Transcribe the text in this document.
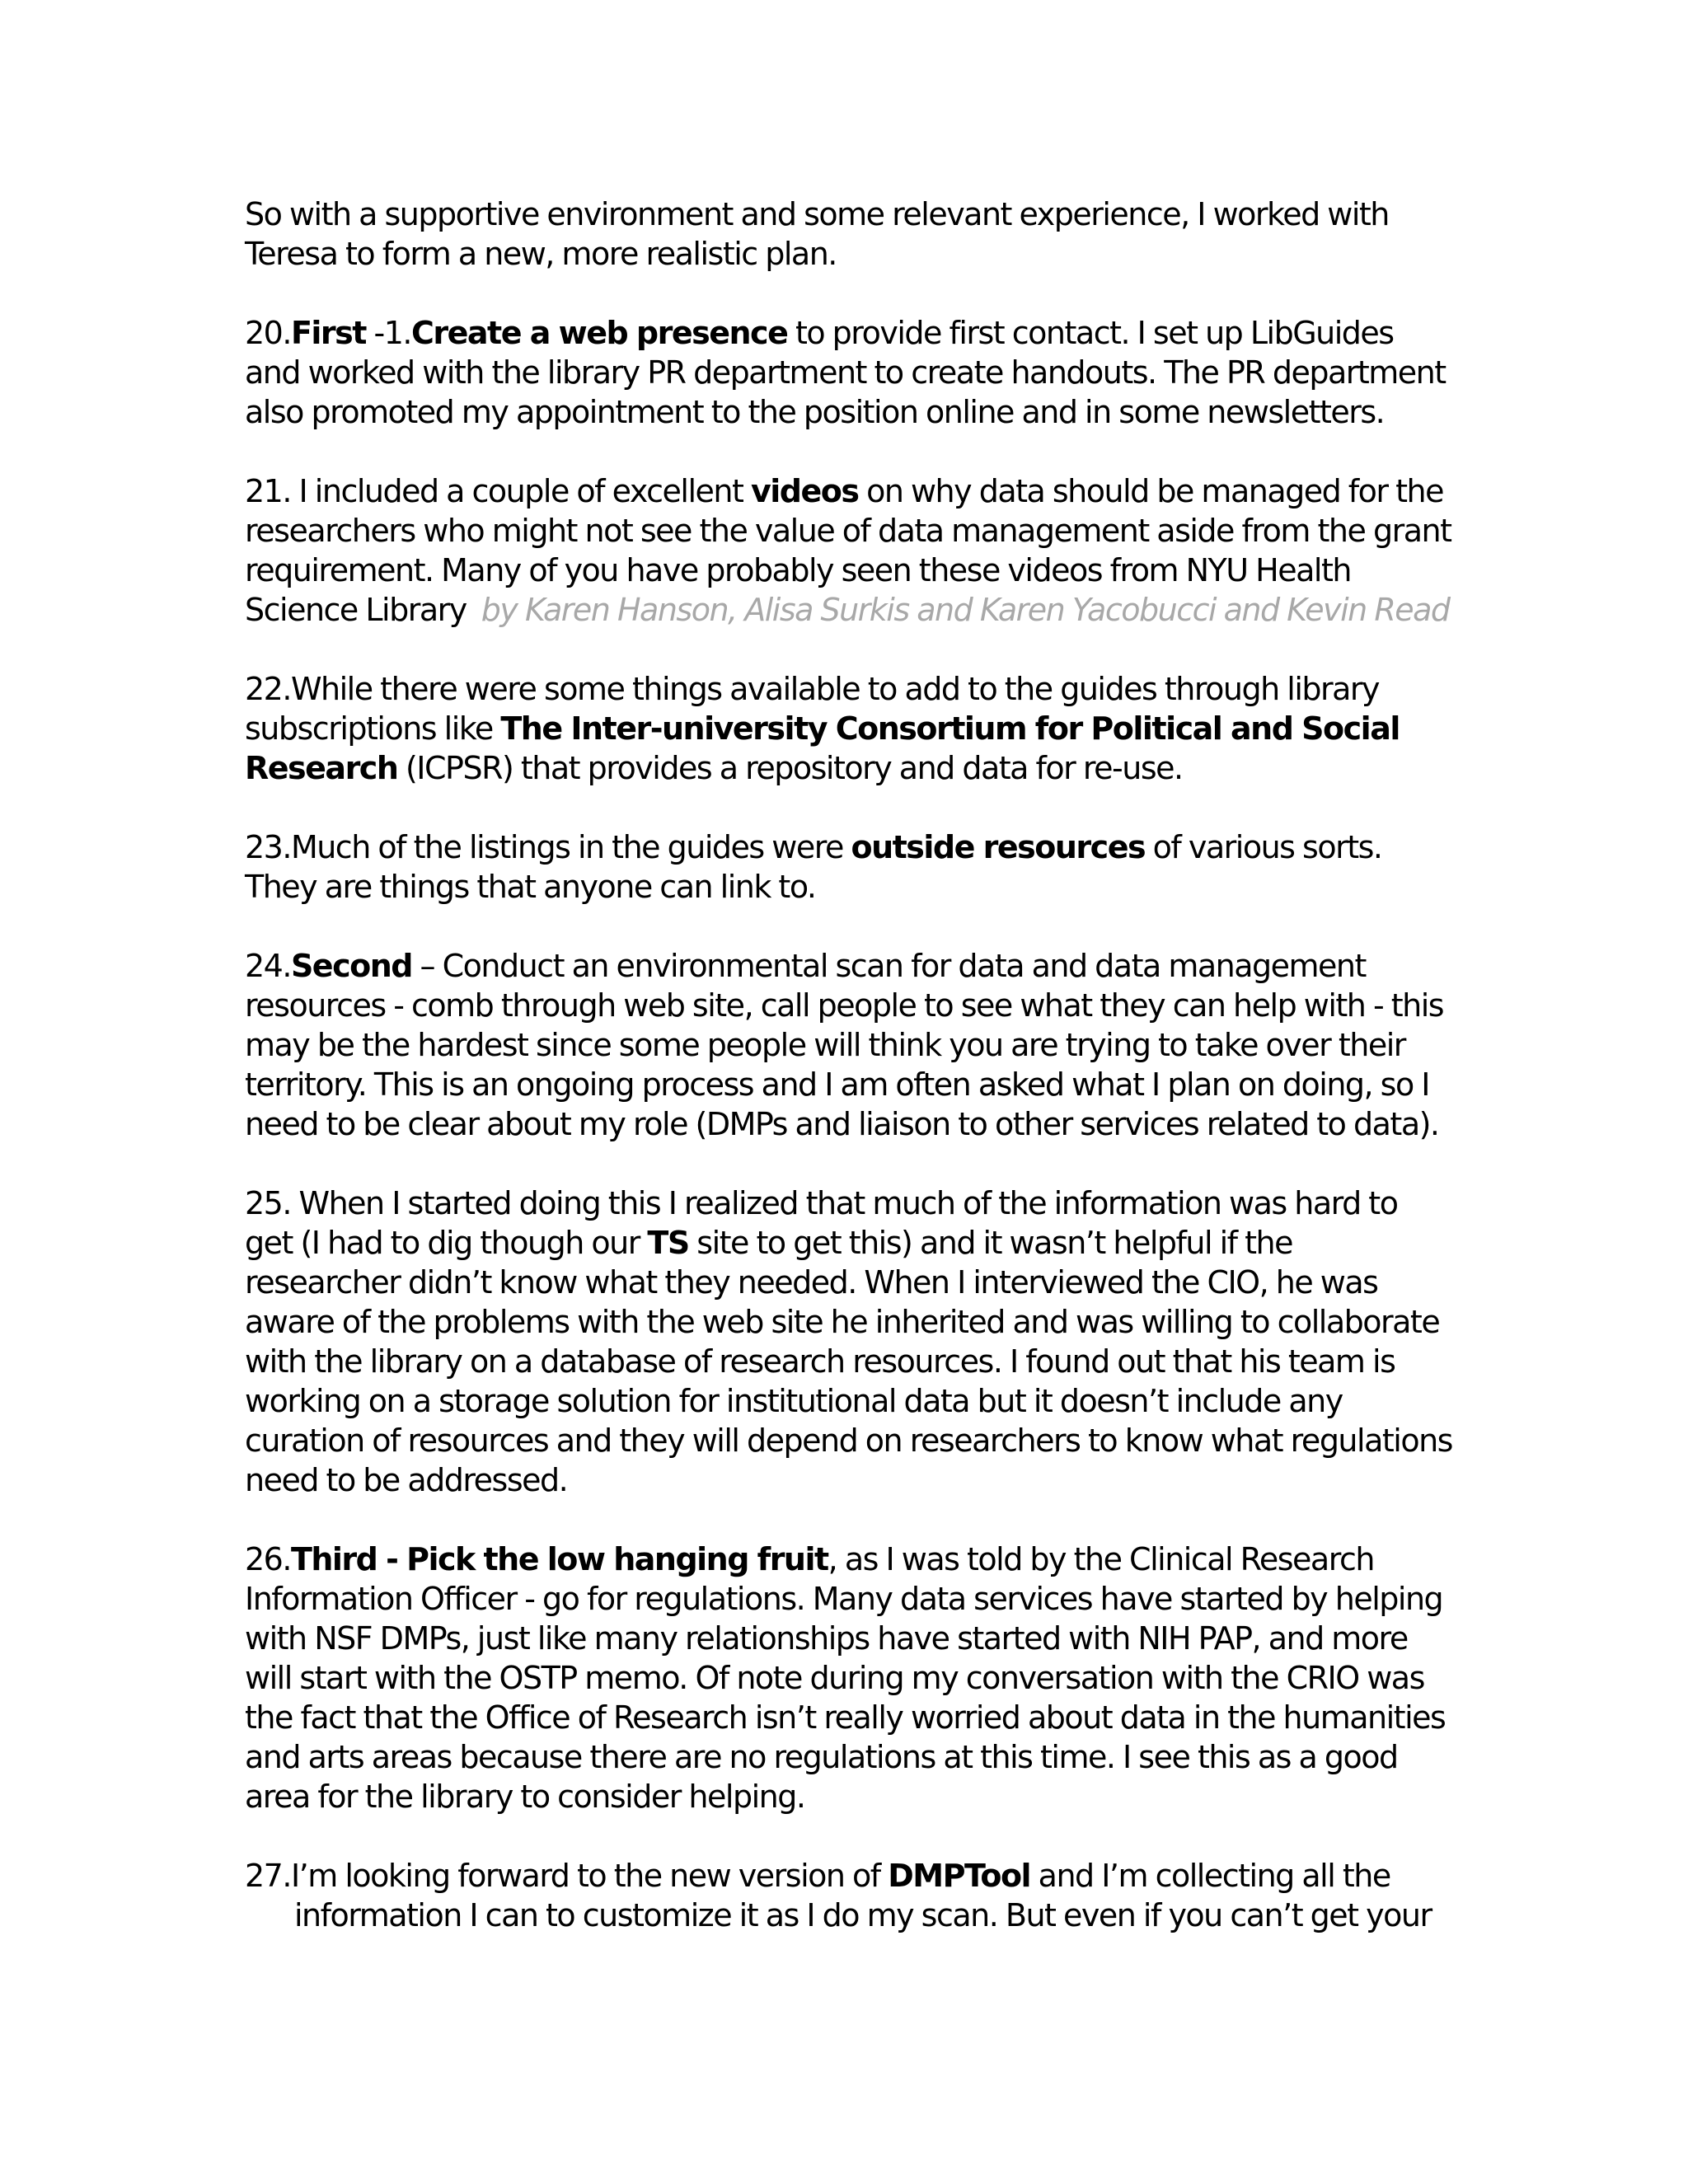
So with a supportive environment and some relevant experience, I worked with
Teresa to form a new, more realistic plan.

20.First -1.Create a web presence to provide first contact. I set up LibGuides
and worked with the library PR department to create handouts. The PR department
also promoted my appointment to the position online and in some newsletters.

21. I included a couple of excellent videos on why data should be managed for the
researchers who might not see the value of data management aside from the grant
requirement. Many of you have probably seen these videos from NYU Health
Science Library by Karen Hanson, Alisa Surkis and Karen Yacobucci and Kevin Read

22.While there were some things available to add to the guides through library
subscriptions like The Inter-university Consortium for Political and Social
Research (ICPSR) that provides a repository and data for re-use.

23.Much of the listings in the guides were outside resources of various sorts.
They are things that anyone can link to.

24.Second – Conduct an environmental scan for data and data management
resources - comb through web site, call people to see what they can help with - this
may be the hardest since some people will think you are trying to take over their
territory. This is an ongoing process and I am often asked what I plan on doing, so I
need to be clear about my role (DMPs and liaison to other services related to data).

25. When I started doing this I realized that much of the information was hard to
get (I had to dig though our TS site to get this) and it wasn’t helpful if the
researcher didn’t know what they needed. When I interviewed the CIO, he was
aware of the problems with the web site he inherited and was willing to collaborate
with the library on a database of research resources. I found out that his team is
working on a storage solution for institutional data but it doesn’t include any
curation of resources and they will depend on researchers to know what regulations
need to be addressed.

26.Third - Pick the low hanging fruit, as I was told by the Clinical Research
Information Officer - go for regulations. Many data services have started by helping
with NSF DMPs, just like many relationships have started with NIH PAP, and more
will start with the OSTP memo. Of note during my conversation with the CRIO was
the fact that the Office of Research isn’t really worried about data in the humanities
and arts areas because there are no regulations at this time. I see this as a good
area for the library to consider helping.

27.I’m looking forward to the new version of DMPTool and I’m collecting all the
information I can to customize it as I do my scan. But even if you can’t get your
